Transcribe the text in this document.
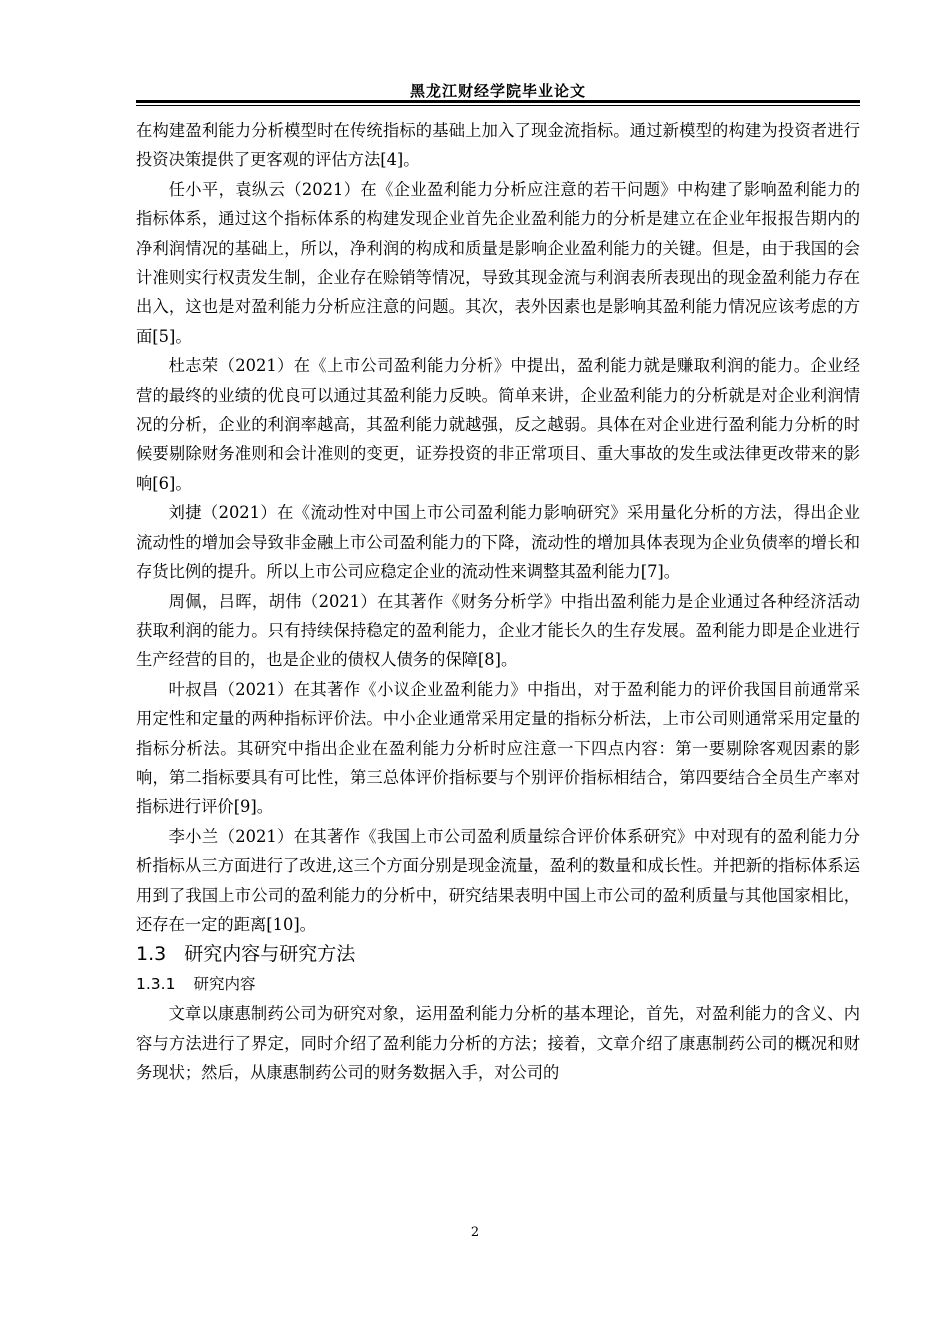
黑龙江财经学院毕业论文

在构建盈利能力分析模型时在传统指标的基础上加入了现金流指标。通过新模型的构建为投资者进行投资决策提供了更客观的评估方法[4]。

任小平，袁纵云（2021）在《企业盈利能力分析应注意的若干问题》中构建了影响盈利能力的指标体系，通过这个指标体系的构建发现企业首先企业盈利能力的分析是建立在企业年报报告期内的净利润情况的基础上，所以，净利润的构成和质量是影响企业盈利能力的关键。但是，由于我国的会计准则实行权责发生制，企业存在赊销等情况，导致其现金流与利润表所表现出的现金盈利能力存在出入，这也是对盈利能力分析应注意的问题。其次，表外因素也是影响其盈利能力情况应该考虑的方面[5]。

杜志荣（2021）在《上市公司盈利能力分析》中提出，盈利能力就是赚取利润的能力。企业经营的最终的业绩的优良可以通过其盈利能力反映。简单来讲，企业盈利能力的分析就是对企业利润情况的分析，企业的利润率越高，其盈利能力就越强，反之越弱。具体在对企业进行盈利能力分析的时候要剔除财务准则和会计准则的变更，证券投资的非正常项目、重大事故的发生或法律更改带来的影响[6]。

刘捷（2021）在《流动性对中国上市公司盈利能力影响研究》采用量化分析的方法，得出企业流动性的增加会导致非金融上市公司盈利能力的下降，流动性的增加具体表现为企业负债率的增长和存货比例的提升。所以上市公司应稳定企业的流动性来调整其盈利能力[7]。

周佩，吕晖，胡伟（2021）在其著作《财务分析学》中指出盈利能力是企业通过各种经济活动获取利润的能力。只有持续保持稳定的盈利能力，企业才能长久的生存发展。盈利能力即是企业进行生产经营的目的，也是企业的债权人债务的保障[8]。

叶叔昌（2021）在其著作《小议企业盈利能力》中指出，对于盈利能力的评价我国目前通常采用定性和定量的两种指标评价法。中小企业通常采用定量的指标分析法，上市公司则通常采用定量的指标分析法。其研究中指出企业在盈利能力分析时应注意一下四点内容：第一要剔除客观因素的影响，第二指标要具有可比性，第三总体评价指标要与个别评价指标相结合，第四要结合全员生产率对指标进行评价[9]。

李小兰（2021）在其著作《我国上市公司盈利质量综合评价体系研究》中对现有的盈利能力分析指标从三方面进行了改进,这三个方面分别是现金流量，盈利的数量和成长性。并把新的指标体系运用到了我国上市公司的盈利能力的分析中，研究结果表明中国上市公司的盈利质量与其他国家相比，还存在一定的距离[10]。

1.3 研究内容与研究方法
1.3.1 研究内容

文章以康惠制药公司为研究对象，运用盈利能力分析的基本理论，首先，对盈利能力的含义、内容与方法进行了界定，同时介绍了盈利能力分析的方法；接着，文章介绍了康惠制药公司的概况和财务现状；然后，从康惠制药公司的财务数据入手，对公司的

2
